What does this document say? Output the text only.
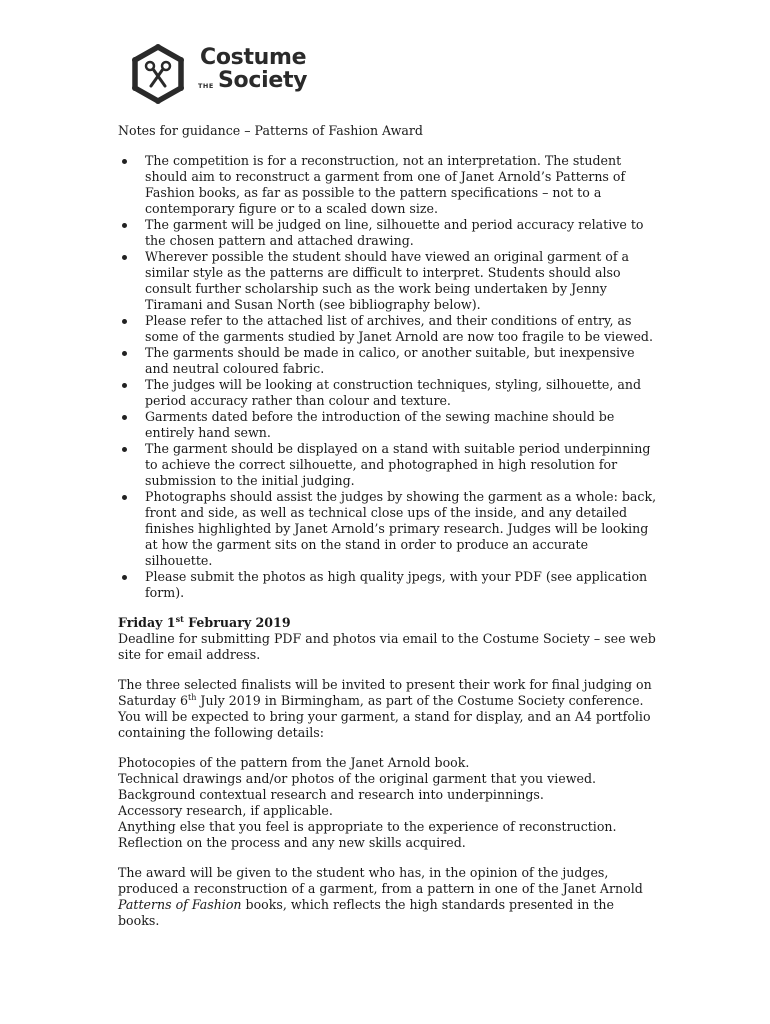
Costume
THE Society
Notes for guidance – Patterns of Fashion Award
The competition is for a reconstruction, not an interpretation. The student should aim to reconstruct a garment from one of Janet Arnold’s Patterns of Fashion books, as far as possible to the pattern specifications – not to a contemporary figure or to a scaled down size.
The garment will be judged on line, silhouette and period accuracy relative to the chosen pattern and attached drawing.
Wherever possible the student should have viewed an original garment of a similar style as the patterns are difficult to interpret. Students should also consult further scholarship such as the work being undertaken by Jenny Tiramani and Susan North (see bibliography below).
Please refer to the attached list of archives, and their conditions of entry, as some of the garments studied by Janet Arnold are now too fragile to be viewed.
The garments should be made in calico, or another suitable, but inexpensive and neutral coloured fabric.
The judges will be looking at construction techniques, styling, silhouette, and period accuracy rather than colour and texture.
Garments dated before the introduction of the sewing machine should be entirely hand sewn.
The garment should be displayed on a stand with suitable period underpinning to achieve the correct silhouette, and photographed in high resolution for submission to the initial judging.
Photographs should assist the judges by showing the garment as a whole: back, front and side, as well as technical close ups of the inside, and any detailed finishes highlighted by Janet Arnold’s primary research. Judges will be looking at how the garment sits on the stand in order to produce an accurate silhouette.
Please submit the photos as high quality jpegs, with your PDF (see application form).
Friday 1st February 2019

Deadline for submitting PDF and photos via email to the Costume Society – see web site for email address.

The three selected finalists will be invited to present their work for final judging on Saturday 6th July 2019 in Birmingham, as part of the Costume Society conference.

You will be expected to bring your garment, a stand for display, and an A4 portfolio containing the following details:

Photocopies of the pattern from the Janet Arnold book.
Technical drawings and/or photos of the original garment that you viewed.
Background contextual research and research into underpinnings.
Accessory research, if applicable.
Anything else that you feel is appropriate to the experience of reconstruction.
Reflection on the process and any new skills acquired.

The award will be given to the student who has, in the opinion of the judges, produced a reconstruction of a garment, from a pattern in one of the Janet Arnold Patterns of Fashion books, which reflects the high standards presented in the books.
